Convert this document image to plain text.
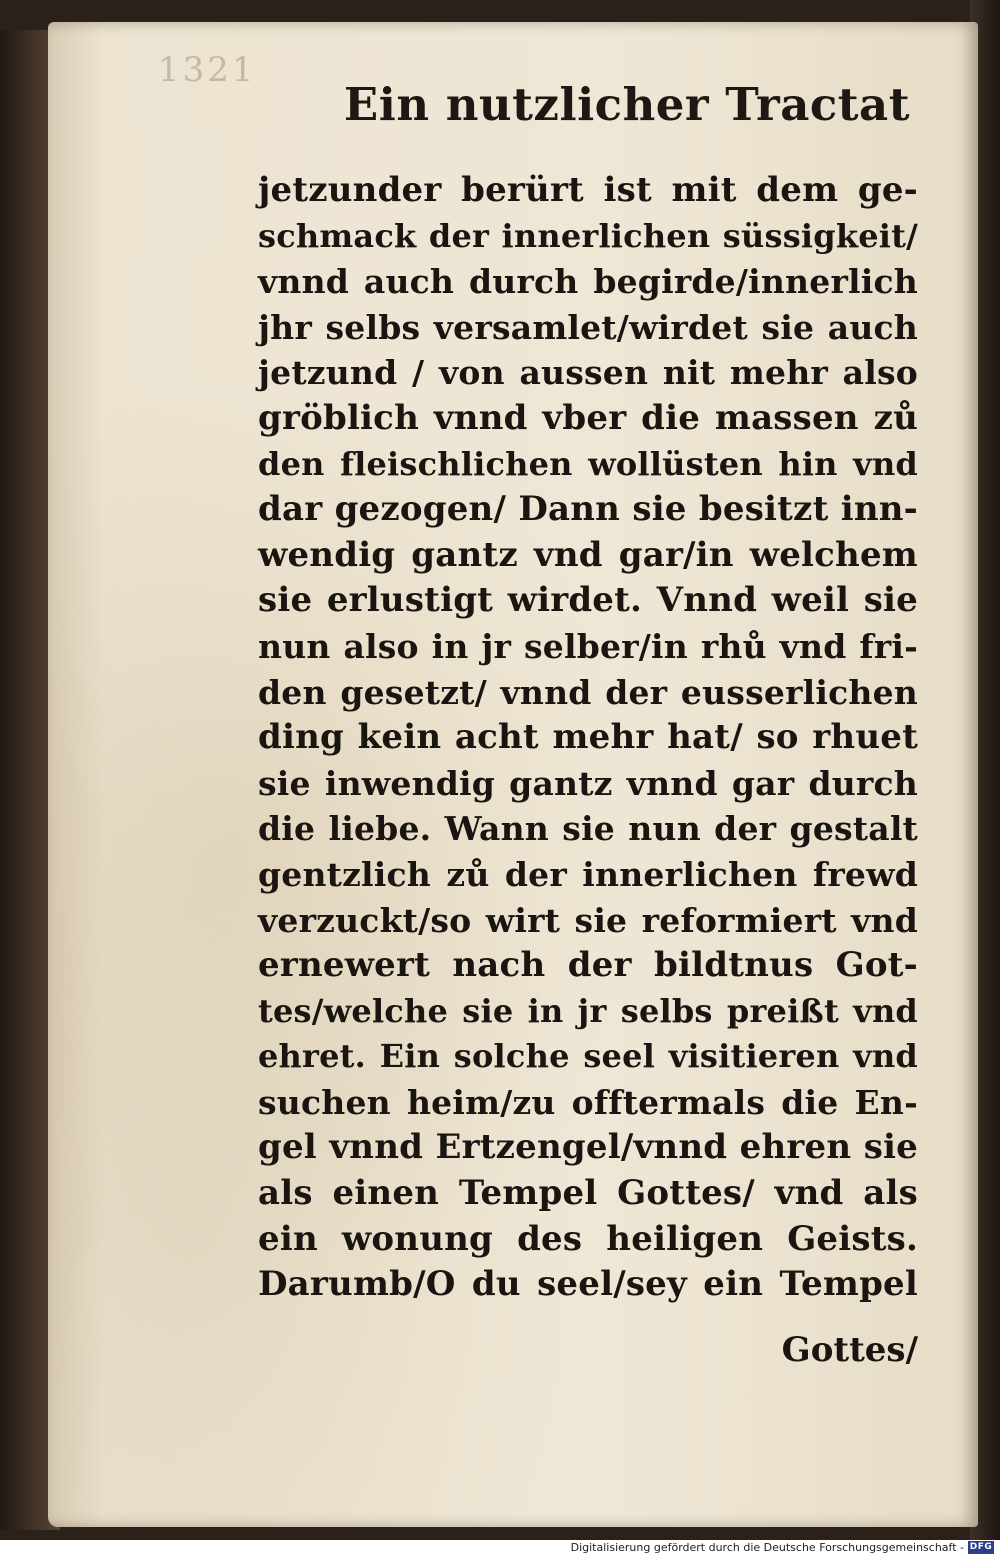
1321
Ein nutzlicher Tractat
jetzunder berürt ist mit dem ge-
schmack der innerlichen süssigkeit/
vnnd auch durch begirde/innerlich
jhr selbs versamlet/wirdet sie auch
jetzund / von aussen nit mehr also
gröblich vnnd vber die massen zů
den fleischlichen wollüsten hin vnd
dar gezogen/ Dann sie besitzt inn-
wendig gantz vnd gar/in welchem
sie erlustigt wirdet. Vnnd weil sie
nun also in jr selber/in rhů vnd fri-
den gesetzt/ vnnd der eusserlichen
ding kein acht mehr hat/ so rhuet
sie inwendig gantz vnnd gar durch
die liebe. Wann sie nun der gestalt
gentzlich zů der innerlichen frewd
verzuckt/so wirt sie reformiert vnd
ernewert nach der bildtnus Got-
tes/welche sie in jr selbs preißt vnd
ehret. Ein solche seel visitieren vnd
suchen heim/zu offtermals die En-
gel vnnd Ertzengel/vnnd ehren sie
als einen Tempel Gottes/ vnd als
ein wonung des heiligen Geists.
Darumb/O du seel/sey ein Tempel
Gottes/
Digitalisierung gefördert durch die Deutsche Forschungsgemeinschaft - DFG
